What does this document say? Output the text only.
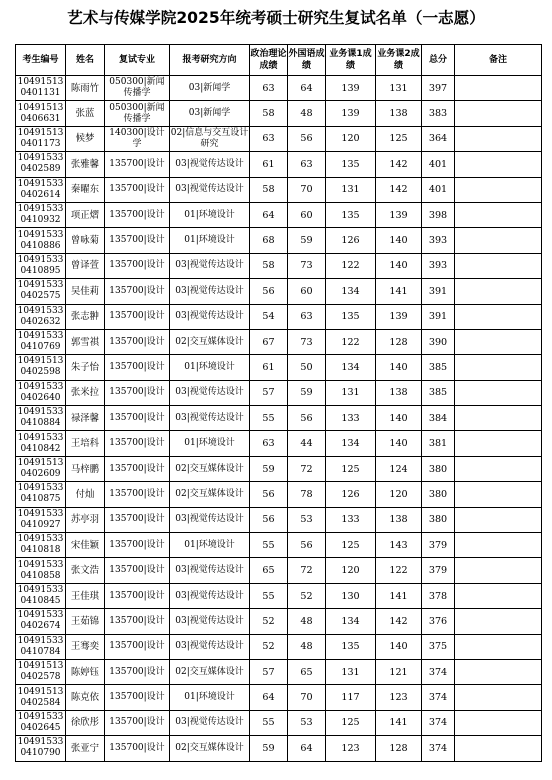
艺术与传媒学院2025年统考硕士研究生复试名单（一志愿）
考生编号	姓名	复试专业	报考研究方向	政治理论成绩	外国语成绩	业务课1成绩	业务课2成绩	总分	备注
104915130401131	陈雨竹	050300|新闻传播学	03|新闻学	63	64	139	131	397	
104915130406631	张蓝	050300|新闻传播学	03|新闻学	58	48	139	138	383	
104915130401173	候梦	140300|设计学	02|信息与交互设计研究	63	56	120	125	364	
104915330402589	张雅馨	135700|设计	03|视觉传达设计	61	63	135	142	401	
104915330402614	秦曜东	135700|设计	03|视觉传达设计	58	70	131	142	401	
104915330410932	项正熠	135700|设计	01|环境设计	64	60	135	139	398	
104915330410886	曾咏菊	135700|设计	01|环境设计	68	59	126	140	393	
104915330410895	曾译萱	135700|设计	03|视觉传达设计	58	73	122	140	393	
104915330402575	吴佳莉	135700|设计	03|视觉传达设计	56	60	134	141	391	
104915330402632	张志翀	135700|设计	03|视觉传达设计	54	63	135	139	391	
104915330410769	郭雪祺	135700|设计	02|交互媒体设计	67	73	122	128	390	
104915130402598	朱子怡	135700|设计	01|环境设计	61	50	134	140	385	
104915330402640	张米拉	135700|设计	03|视觉传达设计	57	59	131	138	385	
104915330410884	禄泽馨	135700|设计	03|视觉传达设计	55	56	133	140	384	
104915330410842	王培科	135700|设计	01|环境设计	63	44	134	140	381	
104915130402609	马梓鹏	135700|设计	02|交互媒体设计	59	72	125	124	380	
104915330410875	付灿	135700|设计	02|交互媒体设计	56	78	126	120	380	
104915330410927	苏亭羽	135700|设计	03|视觉传达设计	56	53	133	138	380	
104915330410818	宋佳颖	135700|设计	01|环境设计	55	56	125	143	379	
104915330410858	张文浩	135700|设计	03|视觉传达设计	65	72	120	122	379	
104915330410845	王佳琪	135700|设计	03|视觉传达设计	55	52	130	141	378	
104915330402674	王茹锦	135700|设计	03|视觉传达设计	52	48	134	142	376	
104915330410784	王骞奕	135700|设计	03|视觉传达设计	52	48	135	140	375	
104915130402578	陈婷钰	135700|设计	02|交互媒体设计	57	65	131	121	374	
104915130402584	陈克依	135700|设计	01|环境设计	64	70	117	123	374	
104915330402645	徐欣彤	135700|设计	03|视觉传达设计	55	53	125	141	374	
104915330410790	张亚宁	135700|设计	02|交互媒体设计	59	64	123	128	374	
